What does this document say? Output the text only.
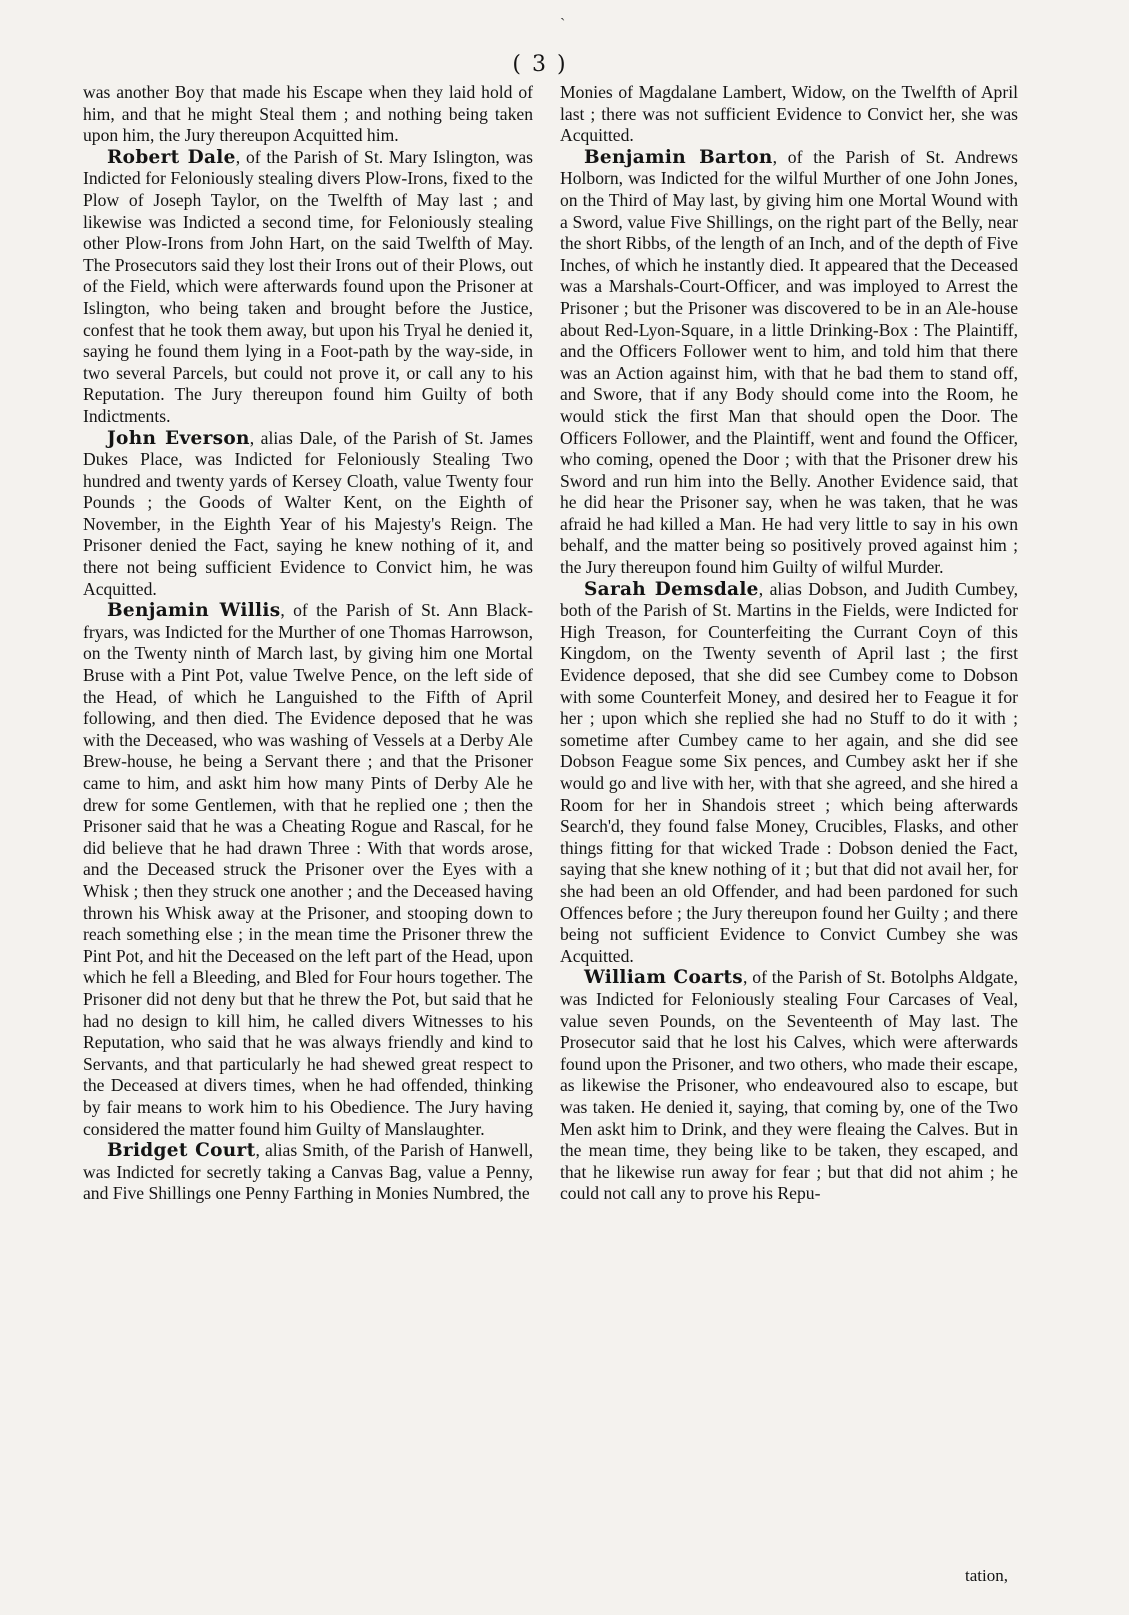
ˎ
( 3 )

was another Boy that made his Escape when they laid hold of him, and that he might Steal them ; and nothing being taken upon him, the Jury thereupon Acquitted him.

Robert Dale, of the Parish of St. Mary Islington, was Indicted for Feloniously stealing divers Plow-Irons, fixed to the Plow of Joseph Taylor, on the Twelfth of May last ; and likewise was Indicted a second time, for Feloniously stealing other Plow-Irons from John Hart, on the said Twelfth of May. The Prosecutors said they lost their Irons out of their Plows, out of the Field, which were afterwards found upon the Prisoner at Islington, who being taken and brought before the Justice, confest that he took them away, but upon his Tryal he denied it, saying he found them lying in a Foot-path by the way-side, in two several Parcels, but could not prove it, or call any to his Reputation. The Jury thereupon found him Guilty of both Indictments.

John Everson, alias Dale, of the Parish of St. James Dukes Place, was Indicted for Feloniously Stealing Two hundred and twenty yards of Kersey Cloath, value Twenty four Pounds ; the Goods of Walter Kent, on the Eighth of November, in the Eighth Year of his Majesty's Reign. The Prisoner denied the Fact, saying he knew nothing of it, and there not being sufficient Evidence to Convict him, he was Acquitted.

Benjamin Willis, of the Parish of St. Ann Black-fryars, was Indicted for the Murther of one Thomas Harrowson, on the Twenty ninth of March last, by giving him one Mortal Bruse with a Pint Pot, value Twelve Pence, on the left side of the Head, of which he Languished to the Fifth of April following, and then died. The Evidence deposed that he was with the Deceased, who was washing of Vessels at a Derby Ale Brew-house, he being a Servant there ; and that the Prisoner came to him, and askt him how many Pints of Derby Ale he drew for some Gentlemen, with that he replied one ; then the Prisoner said that he was a Cheating Rogue and Rascal, for he did believe that he had drawn Three : With that words arose, and the Deceased struck the Prisoner over the Eyes with a Whisk ; then they struck one another ; and the Deceased having thrown his Whisk away at the Prisoner, and stooping down to reach something else ; in the mean time the Prisoner threw the Pint Pot, and hit the Deceased on the left part of the Head, upon which he fell a Bleeding, and Bled for Four hours together. The Prisoner did not deny but that he threw the Pot, but said that he had no design to kill him, he called divers Witnesses to his Reputation, who said that he was always friendly and kind to Servants, and that particularly he had shewed great respect to the Deceased at divers times, when he had offended, thinking by fair means to work him to his Obedience. The Jury having considered the matter found him Guilty of Manslaughter.

Bridget Court, alias Smith, of the Parish of Hanwell, was Indicted for secretly taking a Canvas Bag, value a Penny, and Five Shillings one Penny Farthing in Monies Numbred, the

Monies of Magdalane Lambert, Widow, on the Twelfth of April last ; there was not sufficient Evidence to Convict her, she was Acquitted.

Benjamin Barton, of the Parish of St. Andrews Holborn, was Indicted for the wilful Murther of one John Jones, on the Third of May last, by giving him one Mortal Wound with a Sword, value Five Shillings, on the right part of the Belly, near the short Ribbs, of the length of an Inch, and of the depth of Five Inches, of which he instantly died. It appeared that the Deceased was a Marshals-Court-Officer, and was imployed to Arrest the Prisoner ; but the Prisoner was discovered to be in an Ale-house about Red-Lyon-Square, in a little Drinking-Box : The Plaintiff, and the Officers Follower went to him, and told him that there was an Action against him, with that he bad them to stand off, and Swore, that if any Body should come into the Room, he would stick the first Man that should open the Door. The Officers Follower, and the Plaintiff, went and found the Officer, who coming, opened the Door ; with that the Prisoner drew his Sword and run him into the Belly. Another Evidence said, that he did hear the Prisoner say, when he was taken, that he was afraid he had killed a Man. He had very little to say in his own behalf, and the matter being so positively proved against him ; the Jury thereupon found him Guilty of wilful Murder.

Sarah Demsdale, alias Dobson, and Judith Cumbey, both of the Parish of St. Martins in the Fields, were Indicted for High Treason, for Counterfeiting the Currant Coyn of this Kingdom, on the Twenty seventh of April last ; the first Evidence deposed, that she did see Cumbey come to Dobson with some Counterfeit Money, and desired her to Feague it for her ; upon which she replied she had no Stuff to do it with ; sometime after Cumbey came to her again, and she did see Dobson Feague some Six pences, and Cumbey askt her if she would go and live with her, with that she agreed, and she hired a Room for her in Shandois street ; which being afterwards Search'd, they found false Money, Crucibles, Flasks, and other things fitting for that wicked Trade : Dobson denied the Fact, saying that she knew nothing of it ; but that did not avail her, for she had been an old Offender, and had been pardoned for such Offences before ; the Jury thereupon found her Guilty ; and there being not sufficient Evidence to Convict Cumbey she was Acquitted.

William Coarts, of the Parish of St. Botolphs Aldgate, was Indicted for Feloniously stealing Four Carcases of Veal, value seven Pounds, on the Seventeenth of May last. The Prosecutor said that he lost his Calves, which were afterwards found upon the Prisoner, and two others, who made their escape, as likewise the Prisoner, who endeavoured also to escape, but was taken. He denied it, saying, that coming by, one of the Two Men askt him to Drink, and they were fleaing the Calves. But in the mean time, they being like to be taken, they escaped, and that he likewise run away for fear ; but that did not ahim ; he could not call any to prove his Repu-

tation,
